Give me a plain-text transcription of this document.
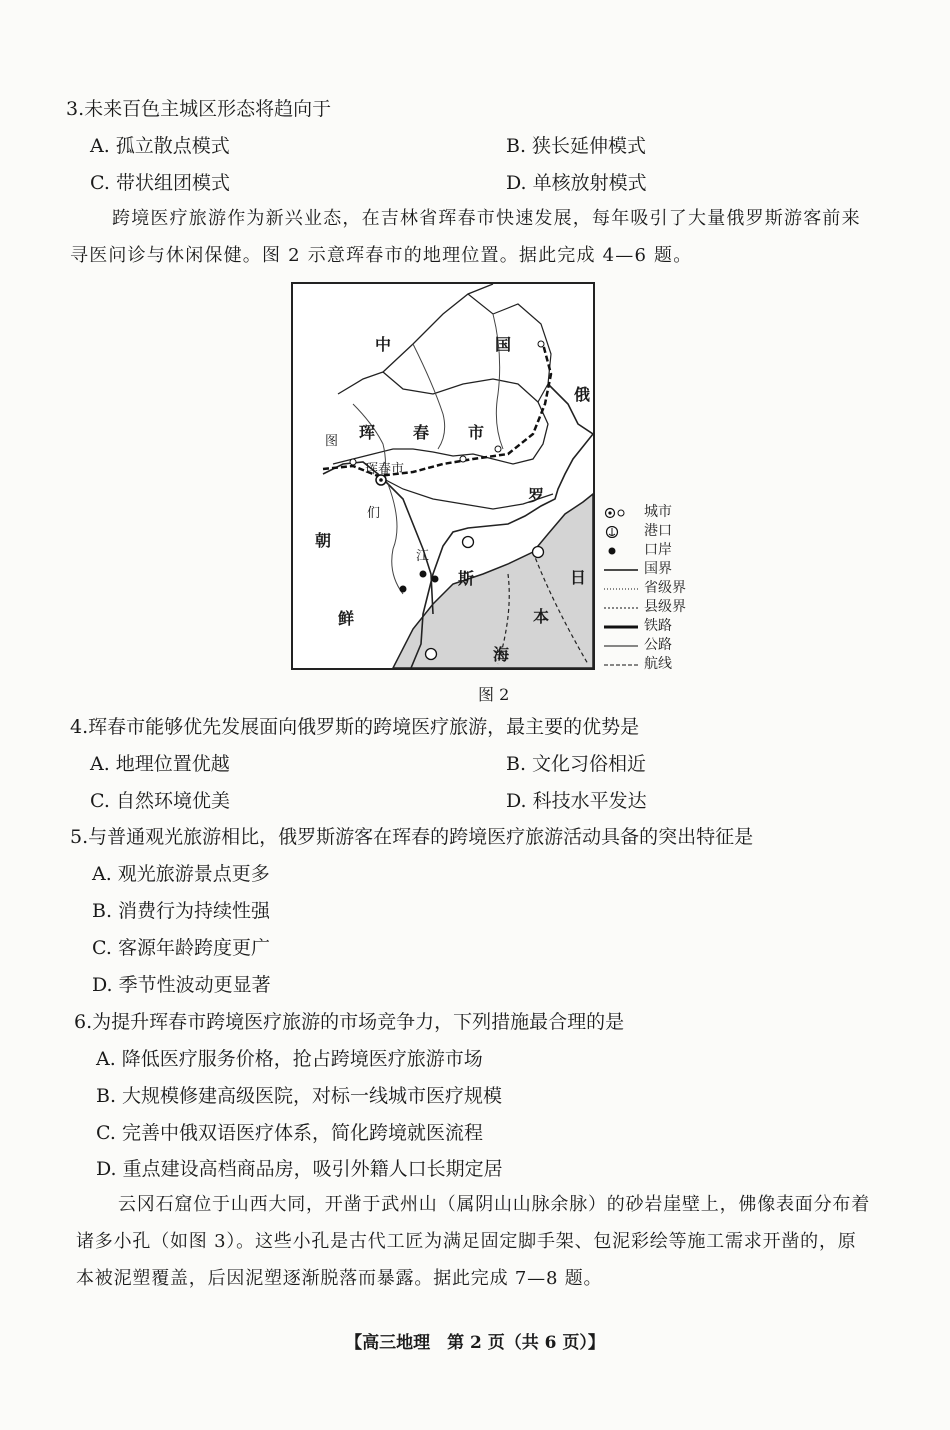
3.未来百色主城区形态将趋向于
A. 孤立散点模式	B. 狭长延伸模式
C. 带状组团模式	D. 单核放射模式
跨境医疗旅游作为新兴业态，在吉林省珲春市快速发展，每年吸引了大量俄罗斯游客前来
寻医问诊与休闲保健。图 2 示意珲春市的地理位置。据此完成 4—6 题。
中	国
俄
珲 春 市
珲春市
图
罗
朝
们
江
斯	日
鲜	本
海
城市
港口
口岸
国界
省级界
县级界
铁路
公路
航线
图 2
4.珲春市能够优先发展面向俄罗斯的跨境医疗旅游，最主要的优势是
A. 地理位置优越	B. 文化习俗相近
C. 自然环境优美	D. 科技水平发达
5.与普通观光旅游相比，俄罗斯游客在珲春的跨境医疗旅游活动具备的突出特征是
A. 观光旅游景点更多
B. 消费行为持续性强
C. 客源年龄跨度更广
D. 季节性波动更显著
6.为提升珲春市跨境医疗旅游的市场竞争力，下列措施最合理的是
A. 降低医疗服务价格，抢占跨境医疗旅游市场
B. 大规模修建高级医院，对标一线城市医疗规模
C. 完善中俄双语医疗体系，简化跨境就医流程
D. 重点建设高档商品房，吸引外籍人口长期定居
云冈石窟位于山西大同，开凿于武州山（属阴山山脉余脉）的砂岩崖壁上，佛像表面分布着
诸多小孔（如图 3）。这些小孔是古代工匠为满足固定脚手架、包泥彩绘等施工需求开凿的，原
本被泥塑覆盖，后因泥塑逐渐脱落而暴露。据此完成 7—8 题。
【高三地理　第 2 页（共 6 页）】
